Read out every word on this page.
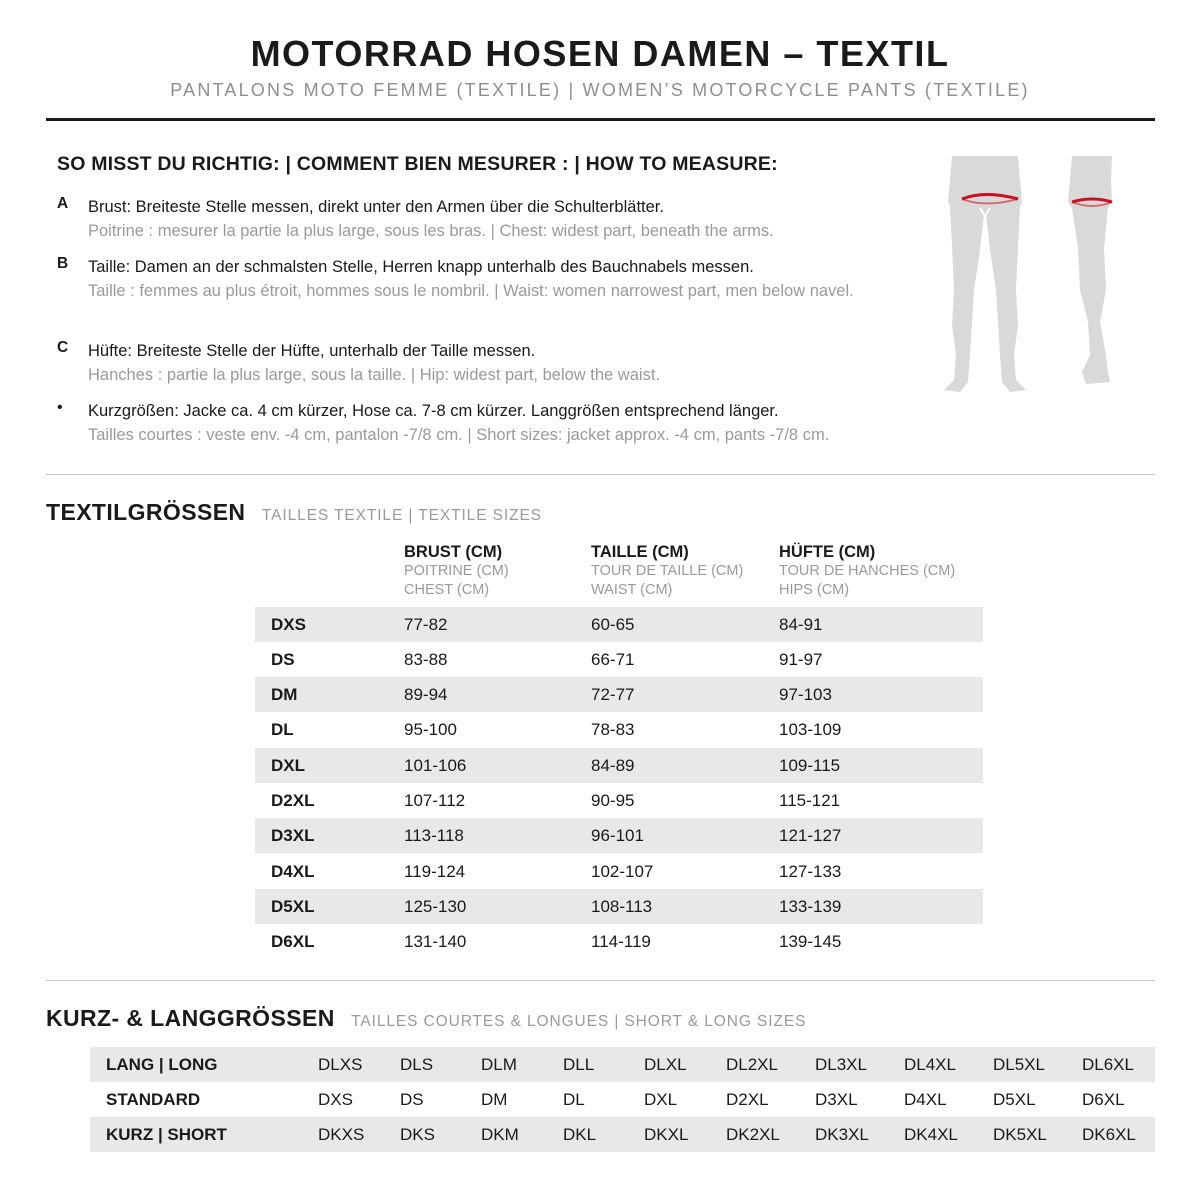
MOTORRAD HOSEN DAMEN – TEXTIL
PANTALONS MOTO FEMME (TEXTILE) | WOMEN’S MOTORCYCLE PANTS (TEXTILE)
SO MISST DU RICHTIG: | COMMENT BIEN MESURER : | HOW TO MEASURE:
A Brust: Breiteste Stelle messen, direkt unter den Armen über die Schulterblätter.
Poitrine : mesurer la partie la plus large, sous les bras. | Chest: widest part, beneath the arms.
B Taille: Damen an der schmalsten Stelle, Herren knapp unterhalb des Bauchnabels messen.
Taille : femmes au plus étroit, hommes sous le nombril. | Waist: women narrowest part, men below navel.
C Hüfte: Breiteste Stelle der Hüfte, unterhalb der Taille messen.
Hanches : partie la plus large, sous la taille. | Hip: widest part, below the waist.
• Kurzgrößen: Jacke ca. 4 cm kürzer, Hose ca. 7-8 cm kürzer. Langgrößen entsprechend länger.
Tailles courtes : veste env. -4 cm, pantalon -7/8 cm. | Short sizes: jacket approx. -4 cm, pants -7/8 cm.
TEXTILGRÖSSEN TAILLES TEXTILE | TEXTILE SIZES
BRUST (CM)
POITRINE (CM)
CHEST (CM)
TAILLE (CM)
TOUR DE TAILLE (CM)
WAIST (CM)
HÜFTE (CM)
TOUR DE HANCHES (CM)
HIPS (CM)
DXS	77-82	60-65	84-91
DS	83-88	66-71	91-97
DM	89-94	72-77	97-103
DL	95-100	78-83	103-109
DXL	101-106	84-89	109-115
D2XL	107-112	90-95	115-121
D3XL	113-118	96-101	121-127
D4XL	119-124	102-107	127-133
D5XL	125-130	108-113	133-139
D6XL	131-140	114-119	139-145
KURZ- & LANGGRÖSSEN TAILLES COURTES & LONGUES | SHORT & LONG SIZES
LANG | LONG	DLXS DLS	DLM	DLL	DLXL DL2XL DL3XL DL4XL DL5XL DL6XL
STANDARD	DXS	DS	DM	DL	DXL	D2XL	D3XL	D4XL	D5XL	D6XL
KURZ | SHORT	DKXS DKS	DKM	DKL	DKXL DK2XL DK3XL DK4XL DK5XL DK6XL
